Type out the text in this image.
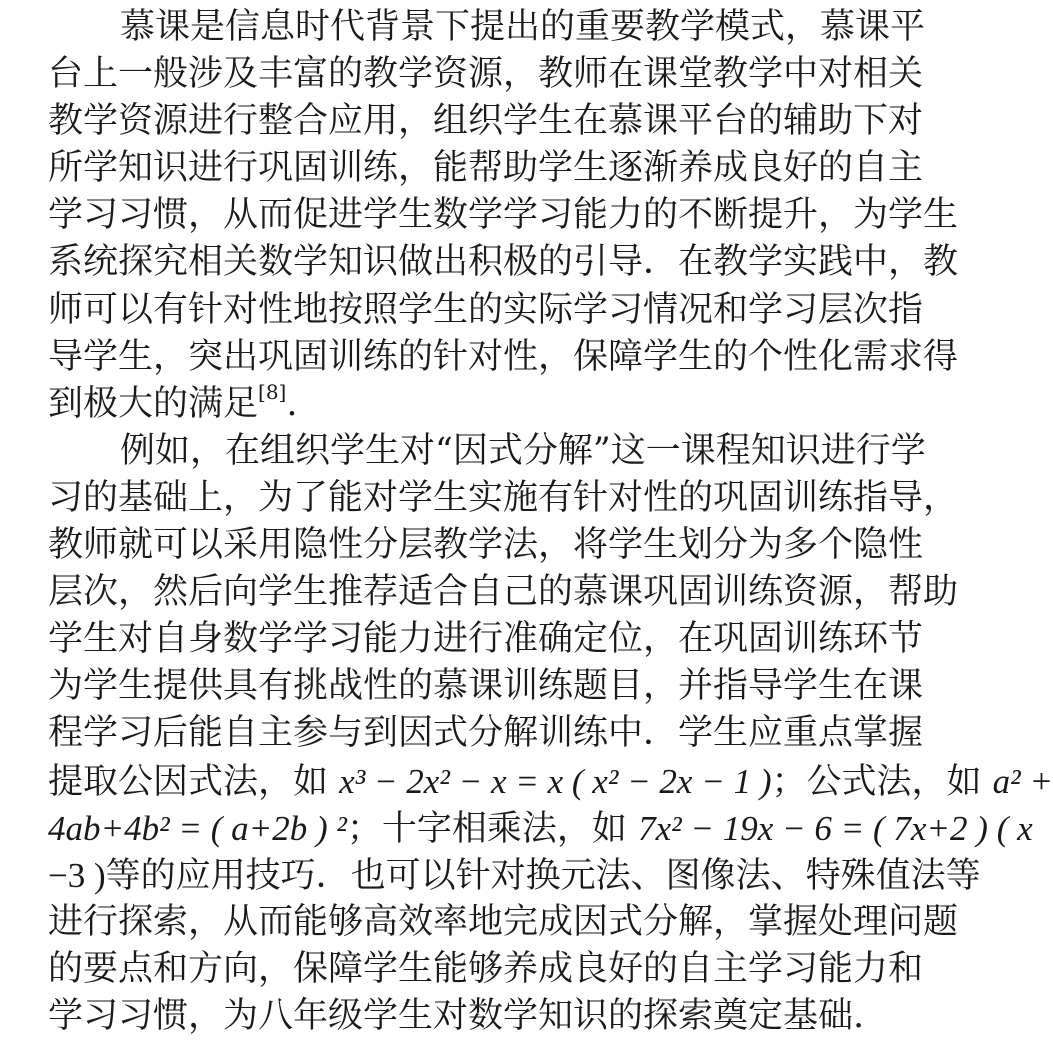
慕课是信息时代背景下提出的重要教学模式，慕课平
台上一般涉及丰富的教学资源，教师在课堂教学中对相关
教学资源进行整合应用，组织学生在慕课平台的辅助下对
所学知识进行巩固训练，能帮助学生逐渐养成良好的自主
学习习惯，从而促进学生数学学习能力的不断提升，为学生
系统探究相关数学知识做出积极的引导．在教学实践中，教
师可以有针对性地按照学生的实际学习情况和学习层次指
导学生，突出巩固训练的针对性，保障学生的个性化需求得
到极大的满足[8].
例如，在组织学生对“因式分解”这一课程知识进行学
习的基础上，为了能对学生实施有针对性的巩固训练指导，
教师就可以采用隐性分层教学法，将学生划分为多个隐性
层次，然后向学生推荐适合自己的慕课巩固训练资源，帮助
学生对自身数学学习能力进行准确定位，在巩固训练环节
为学生提供具有挑战性的慕课训练题目，并指导学生在课
程学习后能自主参与到因式分解训练中．学生应重点掌握
提取公因式法，如 x³ − 2x² − x = x ( x² − 2x − 1 )；公式法，如 a² +
4ab+4b² = ( a+2b ) ²；十字相乘法，如 7x² − 19x − 6 = ( 7x+2 ) ( x
−3 )等的应用技巧．也可以针对换元法、图像法、特殊值法等
进行探索，从而能够高效率地完成因式分解，掌握处理问题
的要点和方向，保障学生能够养成良好的自主学习能力和
学习习惯，为八年级学生对数学知识的探索奠定基础.
